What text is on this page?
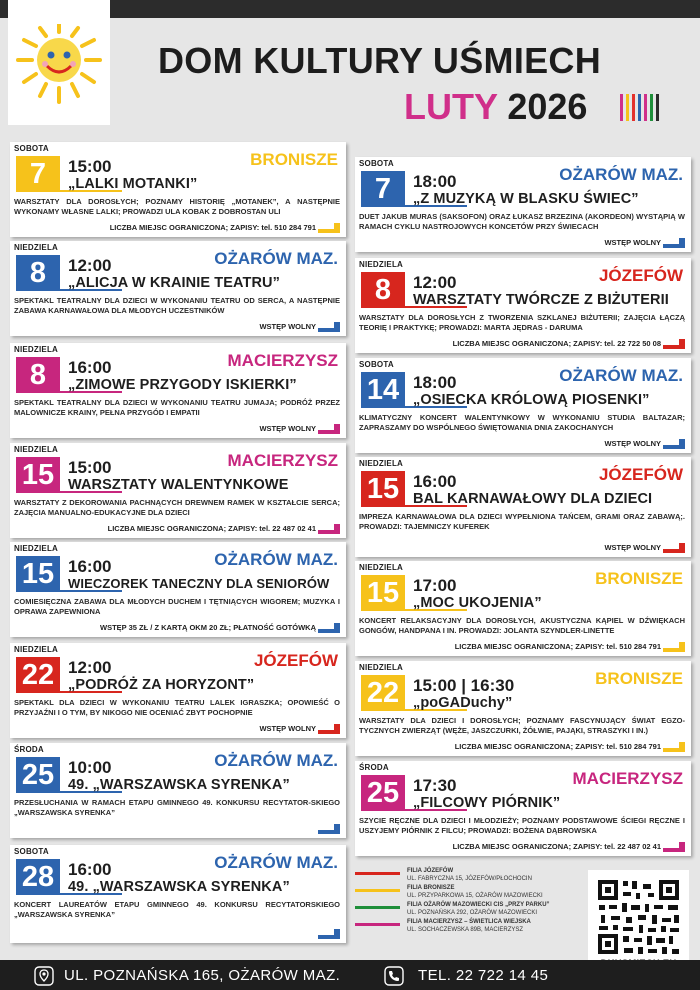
DOM KULTURY UŚMIECH
LUTY 2026
SOBOTA
7	15:00	BRONISZE
„LALKI MOTANKI”
WARSZTATY DLA DOROSŁYCH; POZNAMY HISTORIĘ „MOTANEK”, A NASTĘPNIE WYKONAMY WŁASNE LALKI; PROWADZI ULA KOBAK Z DOBROSTAN ULI
LICZBA MIEJSC OGRANICZONA; ZAPISY: tel. 510 284 791
NIEDZIELA
8	12:00	OŻARÓW MAZ.
„ALICJA W KRAINIE TEATRU”
SPEKTAKL TEATRALNY DLA DZIECI W WYKONANIU TEATRU OD SERCA, A NASTĘPNIE ZABAWA KARNAWAŁOWA DLA MŁODYCH UCZESTNIKÓW
WSTĘP WOLNY
NIEDZIELA
8	16:00	MACIERZYSZ
„ZIMOWE PRZYGODY ISKIERKI”
SPEKTAKL TEATRALNY DLA DZIECI W WYKONANIU TEATRU JUMAJA; PODRÓŻ PRZEZ MALOWNICZE KRAINY, PEŁNA PRZYGÓD I EMPATII
WSTĘP WOLNY
NIEDZIELA
15 15:00	MACIERZYSZ
WARSZTATY WALENTYNKOWE
WARSZTATY Z DEKOROWANIA PACHNĄCYCH DREWNEM RAMEK W KSZTAŁCIE SERCA; ZAJĘCIA MANUALNO-EDUKACYJNE DLA DZIECI
LICZBA MIEJSC OGRANICZONA; ZAPISY: tel. 22 487 02 41
NIEDZIELA
15 16:00	OŻARÓW MAZ.
WIECZOREK TANECZNY DLA SENIORÓW
COMIESIĘCZNA ZABAWA DLA MŁODYCH DUCHEM I TĘTNIĄCYCH WIGOREM; MUZYKA I OPRAWA ZAPEWNIONA
WSTĘP 35 ZŁ / Z KARTĄ OKM 20 ZŁ; PŁATNOŚĆ GOTÓWKĄ
NIEDZIELA
22 12:00	JÓZEFÓW
„PODRÓŻ ZA HORYZONT”
SPEKTAKL DLA DZIECI W WYKONANIU TEATRU LALEK IGRASZKA; OPOWIEŚĆ O PRZYJAŹNI I O TYM, BY NIKOGO NIE OCENIAĆ ZBYT POCHOPNIE
WSTĘP WOLNY
ŚRODA
25 10:00	OŻARÓW MAZ.
49. „WARSZAWSKA SYRENKA”
PRZESŁUCHANIA W RAMACH ETAPU GMINNEGO 49. KONKURSU RECYTATOR-SKIEGO „WARSZAWSKA SYRENKA”
SOBOTA
28 16:00	OŻARÓW MAZ.
49. „WARSZAWSKA SYRENKA”
KONCERT LAUREATÓW ETAPU GMINNEGO 49. KONKURSU RECYTATORSKIEGO „WARSZAWSKA SYRENKA”
SOBOTA
7	18:00	OŻARÓW MAZ.
„Z MUZYKĄ W BLASKU ŚWIEC”
DUET JAKUB MURAS (SAKSOFON) ORAZ ŁUKASZ BRZEZINA (AKORDEON) WYSTĄPIĄ W RAMACH CYKLU NASTROJOWYCH KONCETÓW PRZY ŚWIECACH
WSTĘP WOLNY
NIEDZIELA
8	12:00	JÓZEFÓW
WARSZTATY TWÓRCZE Z BIŻUTERII
WARSZTATY DLA DOROSŁYCH Z TWORZENIA SZKLANEJ BIŻUTERII; ZAJĘCIA ŁĄCZĄ TEORIĘ I PRAKTYKĘ; PROWADZI: MARTA JĘDRAS - DARUMA
LICZBA MIEJSC OGRANICZONA; ZAPISY: tel. 22 722 50 08
SOBOTA
14 18:00	OŻARÓW MAZ.
„OSIECKA KRÓLOWĄ PIOSENKI”
KLIMATYCZNY KONCERT WALENTYNKOWY W WYKONANIU STUDIA BALTAZAR; ZAPRASZAMY DO WSPÓLNEGO ŚWIĘTOWANIA DNIA ZAKOCHANYCH
WSTĘP WOLNY
NIEDZIELA
15 16:00	JÓZEFÓW
BAL KARNAWAŁOWY DLA DZIECI
IMPREZA KARNAWAŁOWA DLA DZIECI WYPEŁNIONA TAŃCEM, GRAMI ORAZ ZABAWĄ;. PROWADZI: TAJEMNICZY KUFEREK
WSTĘP WOLNY
NIEDZIELA
15 17:00	BRONISZE
„MOC UKOJENIA”
KONCERT RELAKSACYJNY DLA DOROSŁYCH, AKUSTYCZNA KĄPIEL W DŹWIĘKACH GONGÓW, HANDPANA I IN. PROWADZI: JOLANTA SZYNDLER-LINETTE
LICZBA MIEJSC OGRANICZONA; ZAPISY: tel. 510 284 791
NIEDZIELA
22 15:00 | 16:30	BRONISZE
„poGADuchy”
WARSZTATY DLA DZIECI I DOROSŁYCH; POZNAMY FASCYNUJĄCY ŚWIAT EGZO-TYCZNYCH ZWIERZĄT (WĘŻE, JASZCZURKI, ŻÓŁWIE, PAJĄKI, STRASZYKI I IN.)
LICZBA MIEJSC OGRANICZONA; ZAPISY: tel. 510 284 791
ŚRODA
25 17:30	MACIERZYSZ
„FILCOWY PIÓRNIK”
SZYCIE RĘCZNE DLA DZIECI I MŁODZIEŻY; POZNAMY PODSTAWOWE ŚCIEGI RĘCZNE I USZYJEMY PIÓRNIK Z FILCU; PROWADZI: BOŻENA DĄBROWSKA
LICZBA MIEJSC OGRANICZONA; ZAPISY: tel. 22 487 02 41
FILIA JÓZEFÓW
UL. FABRYCZNA 15, JÓZEFÓW/PŁOCHOCIN
FILIA BRONISZE
UL. PRZYPARKOWA 15, OŻARÓW MAZOWIECKI
FILIA OŻARÓW MAZOWIECKI CIS „PRZY PARKU”
UL. POZNAŃSKA 292, OŻARÓW MAZOWIECKI
FILIA MACIERZYSZ – ŚWIETLICA WIEJSKA
UL. SOCHACZEWSKA 89B, MACIERZYSZ
UL. POZNAŃSKA 165, OŻARÓW MAZ.	TEL. 22 722 14 45
